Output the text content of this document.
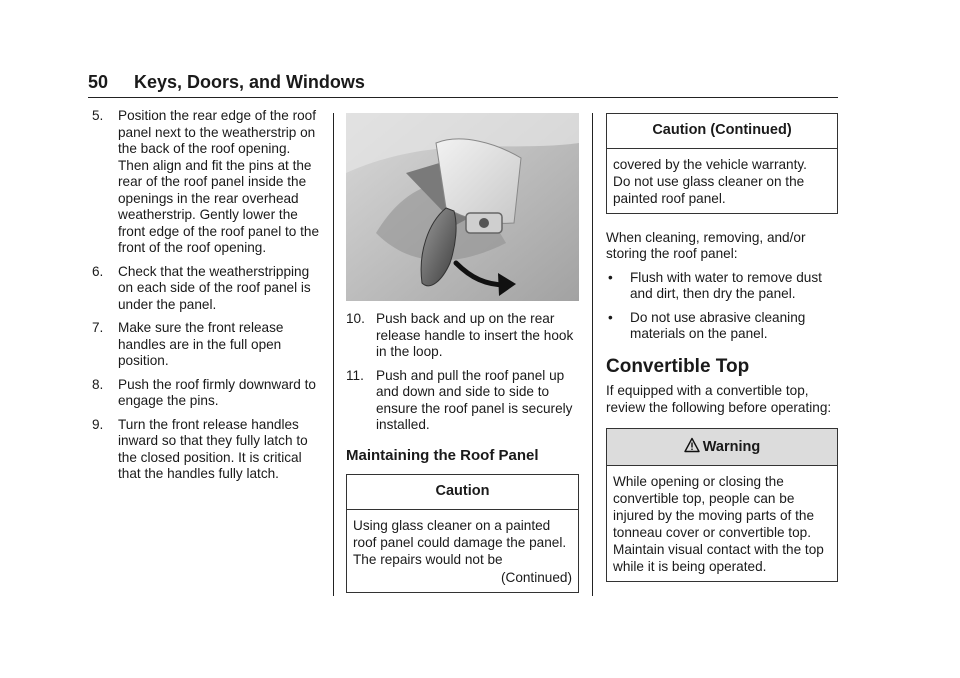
50 Keys, Doors, and Windows
5.	Position the rear edge of the roof panel next to the weatherstrip on the back of the roof opening. Then align and fit the pins at the rear of the roof panel inside the openings in the rear overhead weatherstrip. Gently lower the front edge of the roof panel to the front of the roof opening.
6.	Check that the weatherstripping on each side of the roof panel is under the panel.
7.	Make sure the front release handles are in the full open position.
8.	Push the roof firmly downward to engage the pins.
9.	Turn the front release handles inward so that they fully latch to the closed position. It is critical that the handles fully latch.
10. Push back and up on the rear release handle to insert the hook in the loop.
11. Push and pull the roof panel up and down and side to side to ensure the roof panel is securely installed.
Maintaining the Roof Panel
Caution

Using glass cleaner on a painted roof panel could damage the panel. The repairs would not be

(Continued)
Caution (Continued)

covered by the vehicle warranty.

Do not use glass cleaner on the painted roof panel.

When cleaning, removing, and/or storing the roof panel:

•	Flush with water to remove dust and dirt, then dry the panel.
•	Do not use abrasive cleaning materials on the panel.
Convertible Top

If equipped with a convertible top, review the following before operating:

Warning

While opening or closing the convertible top, people can be injured by the moving parts of the tonneau cover or convertible top. Maintain visual contact with the top while it is being operated.
